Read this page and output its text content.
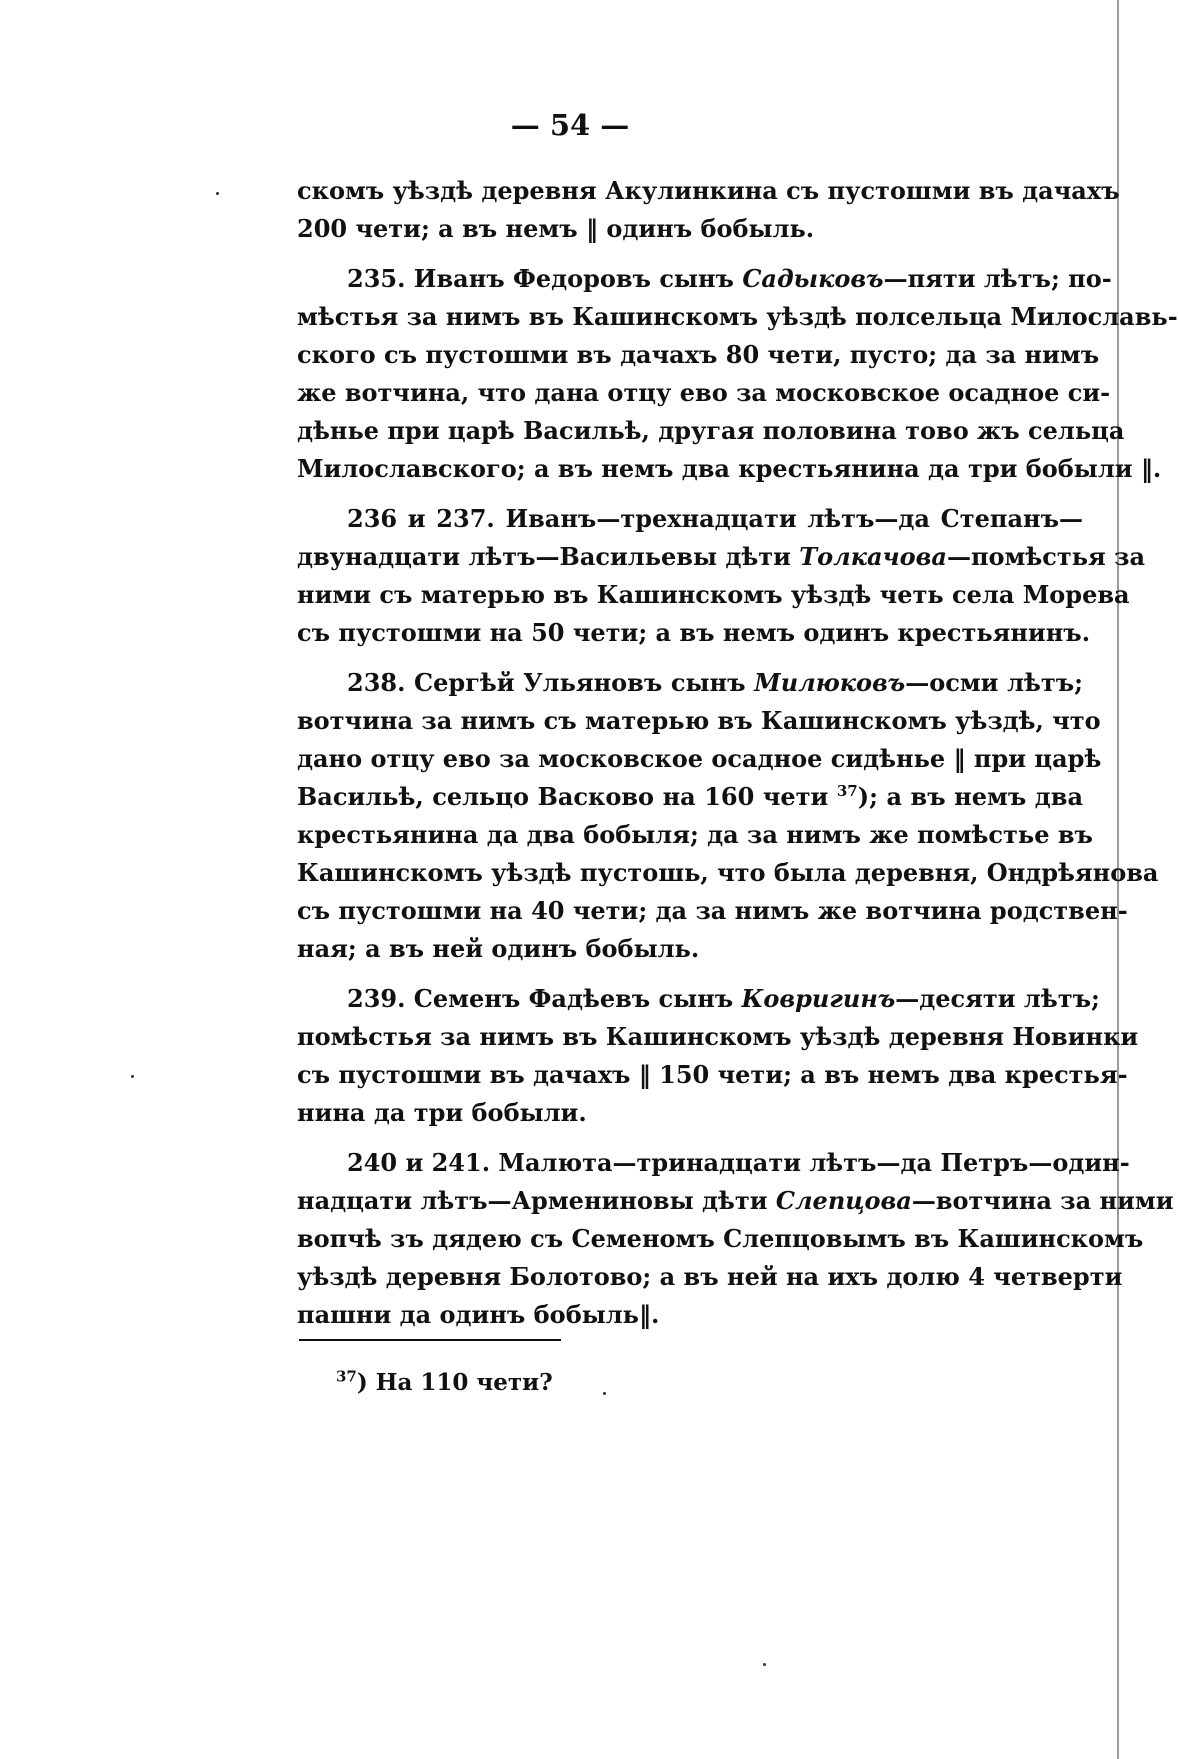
— 54 —
скомъ уѣздѣ деревня Акулинкина съ пустошми въ дачахъ
200 чети; а въ немъ ‖ одинъ бобыль.
235. Иванъ Федоровъ сынъ Садыковъ—пяти лѣтъ; по-
мѣстья за нимъ въ Кашинскомъ уѣздѣ полсельца Милославь-
ского съ пустошми въ дачахъ 80 чети, пусто; да за нимъ
же вотчина, что дана отцу ево за московское осадное си-
дѣнье при царѣ Васильѣ, другая половина тово жъ сельца
Милославского; а въ немъ два крестьянина да три бобыли ‖.
236 и 237. Иванъ—трехнадцати лѣтъ—да Степанъ—
двунадцати лѣтъ—Васильевы дѣти Толкачова—помѣстья за
ними съ матерью въ Кашинскомъ уѣздѣ четь села Морева
съ пустошми на 50 чети; а въ немъ одинъ крестьянинъ.
238. Сергѣй Ульяновъ сынъ Милюковъ—осми лѣтъ;
вотчина за нимъ съ матерью въ Кашинскомъ уѣздѣ, что
дано отцу ево за московское осадное сидѣнье ‖ при царѣ
Васильѣ, сельцо Васково на 160 чети $^{37}$); а въ немъ два
крестьянина да два бобыля; да за нимъ же помѣстье въ
Кашинскомъ уѣздѣ пустошь, что была деревня, Ондрѣянова
съ пустошми на 40 чети; да за нимъ же вотчина родствен-
ная; а въ ней одинъ бобыль.
239. Семенъ Фадѣевъ сынъ Ковригинъ—десяти лѣтъ;
помѣстья за нимъ въ Кашинскомъ уѣздѣ деревня Новинки
съ пустошми въ дачахъ ‖ 150 чети; а въ немъ два крестья-
нина да три бобыли.
240 и 241. Малюта—тринадцати лѣтъ—да Петръ—один-
надцати лѣтъ—Армениновы дѣти Слепцова—вотчина за ними
вопчѣ зъ дядею съ Семеномъ Слепцовымъ въ Кашинскомъ
уѣздѣ деревня Болотово; а въ ней на ихъ долю 4 четверти
пашни да одинъ бобыль‖.
$^{37}$) На 110 чети?
